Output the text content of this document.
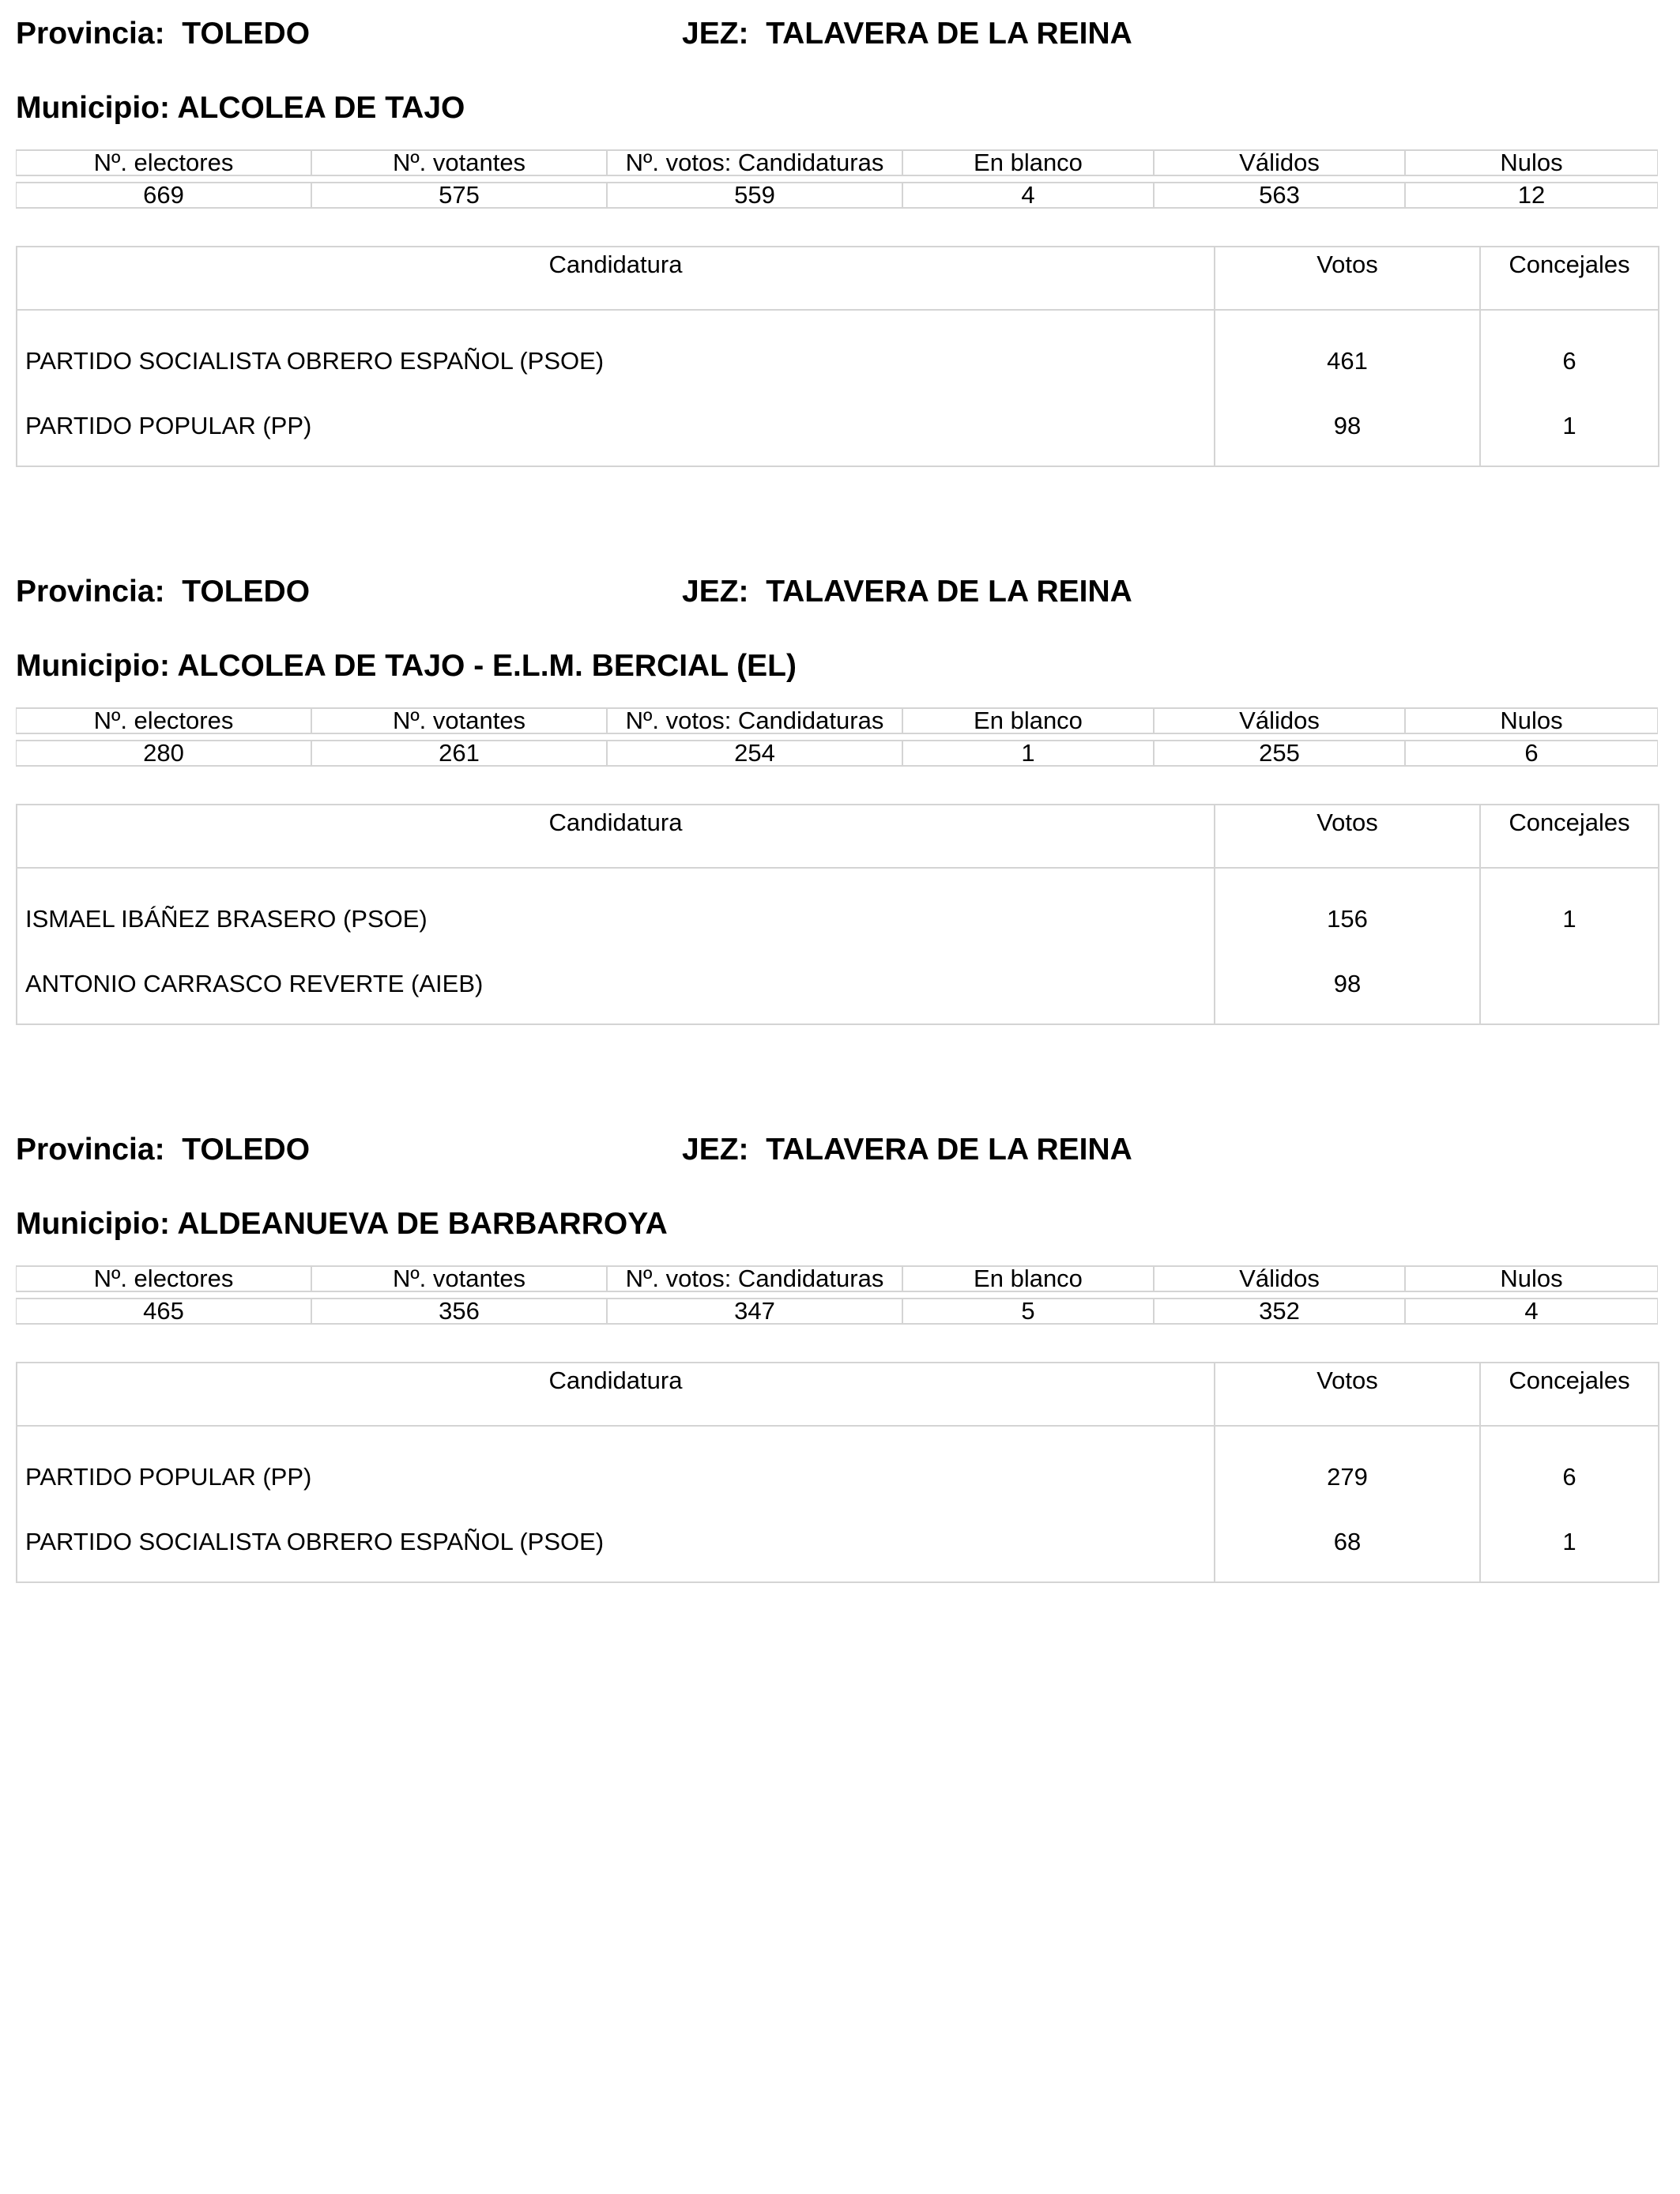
Provincia: TOLEDO	JEZ: TALAVERA DE LA REINA
Municipio: ALCOLEA DE TAJO
Nº. electores	Nº. votantes	Nº. votos: Candidaturas	En blanco	Válidos	Nulos
669	575	559	4	563	12
Candidatura	Votos	Concejales
PARTIDO SOCIALISTA OBRERO ESPAÑOL (PSOE)	461	6
PARTIDO POPULAR (PP)	98	1
Provincia: TOLEDO	JEZ: TALAVERA DE LA REINA
Municipio: ALCOLEA DE TAJO - E.L.M. BERCIAL (EL)
Nº. electores	Nº. votantes	Nº. votos: Candidaturas	En blanco	Válidos	Nulos
280	261	254	1	255	6
Candidatura	Votos	Concejales
ISMAEL IBÁÑEZ BRASERO (PSOE)	156	1
ANTONIO CARRASCO REVERTE (AIEB)	98	
Provincia: TOLEDO	JEZ: TALAVERA DE LA REINA
Municipio: ALDEANUEVA DE BARBARROYA
Nº. electores	Nº. votantes	Nº. votos: Candidaturas	En blanco	Válidos	Nulos
465	356	347	5	352	4
Candidatura	Votos	Concejales
PARTIDO POPULAR (PP)	279	6
PARTIDO SOCIALISTA OBRERO ESPAÑOL (PSOE)	68	1
